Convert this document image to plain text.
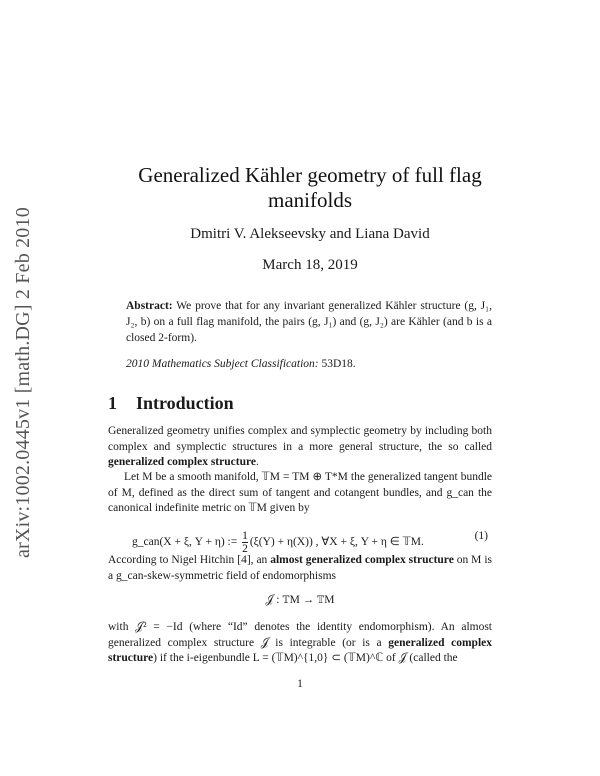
arXiv:1002.0445v1 [math.DG] 2 Feb 2010
Generalized Kähler geometry of full flag
manifolds
Dmitri V. Alekseevsky and Liana David
March 18, 2019
Abstract: We prove that for any invariant generalized Kähler structure (g, J₁, J₂, b) on a full flag manifold, the pairs (g, J₁) and (g, J₂) are Kähler (and b is a closed 2-form).
2010 Mathematics Subject Classification: 53D18.
1 Introduction
Generalized geometry unifies complex and symplectic geometry by including both complex and symplectic structures in a more general structure, the so called generalized complex structure.
Let M be a smooth manifold, 𝕋M = TM ⊕ T*M the generalized tangent bundle of M, defined as the direct sum of tangent and cotangent bundles, and g_can the canonical indefinite metric on 𝕋M given by
g_can(X + ξ, Y + η) := $\frac{1}{2} (\xi(Y) + \eta(X))$ , ∀X + ξ, Y + η ∈ 𝕋M.
(1)
According to Nigel Hitchin [4], an almost generalized complex structure on M is a g_can-skew-symmetric field of endomorphisms
𝒥 : 𝕋M → 𝕋M
with 𝒥² = −Id (where “Id” denotes the identity endomorphism). An almost generalized complex structure 𝒥 is integrable (or is a generalized complex structure) if the i-eigenbundle L = (𝕋M)^{1,0} ⊂ (𝕋M)^ℂ of 𝒥 (called the
1
